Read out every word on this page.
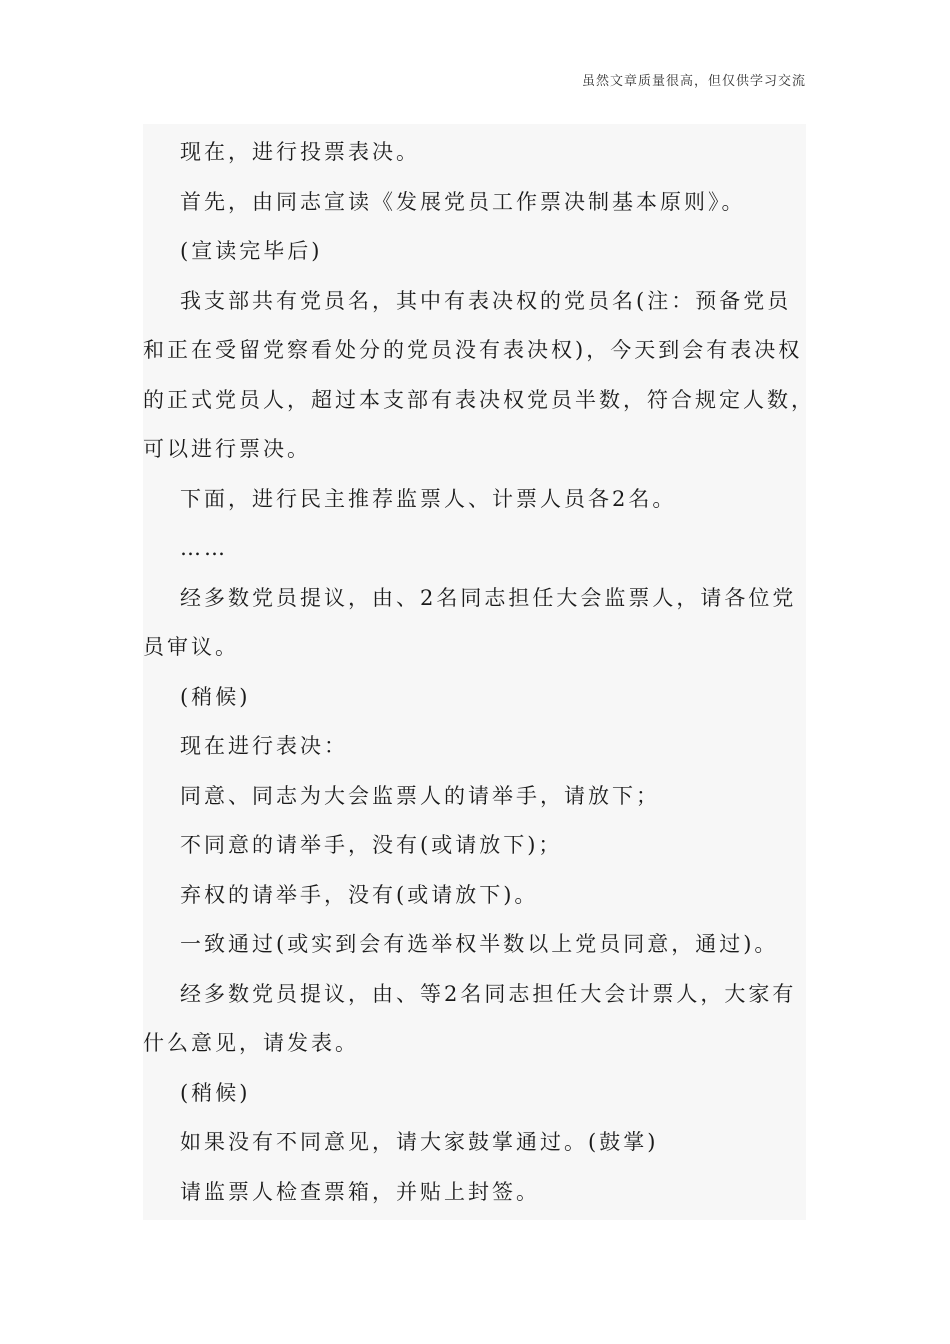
虽然文章质量很高，但仅供学习交流

现在，进行投票表决。

首先，由同志宣读《发展党员工作票决制基本原则》。

(宣读完毕后)

我支部共有党员名，其中有表决权的党员名(注：预备党员

和正在受留党察看处分的党员没有表决权)，今天到会有表决权

的正式党员人，超过本支部有表决权党员半数，符合规定人数，

可以进行票决。

下面，进行民主推荐监票人、计票人员各2名。

……

经多数党员提议，由、2名同志担任大会监票人，请各位党

员审议。

(稍候)

现在进行表决：

同意、同志为大会监票人的请举手，请放下；

不同意的请举手，没有(或请放下)；

弃权的请举手，没有(或请放下)。

一致通过(或实到会有选举权半数以上党员同意，通过)。

经多数党员提议，由、等2名同志担任大会计票人，大家有

什么意见，请发表。

(稍候)

如果没有不同意见，请大家鼓掌通过。(鼓掌)

请监票人检查票箱，并贴上封签。
